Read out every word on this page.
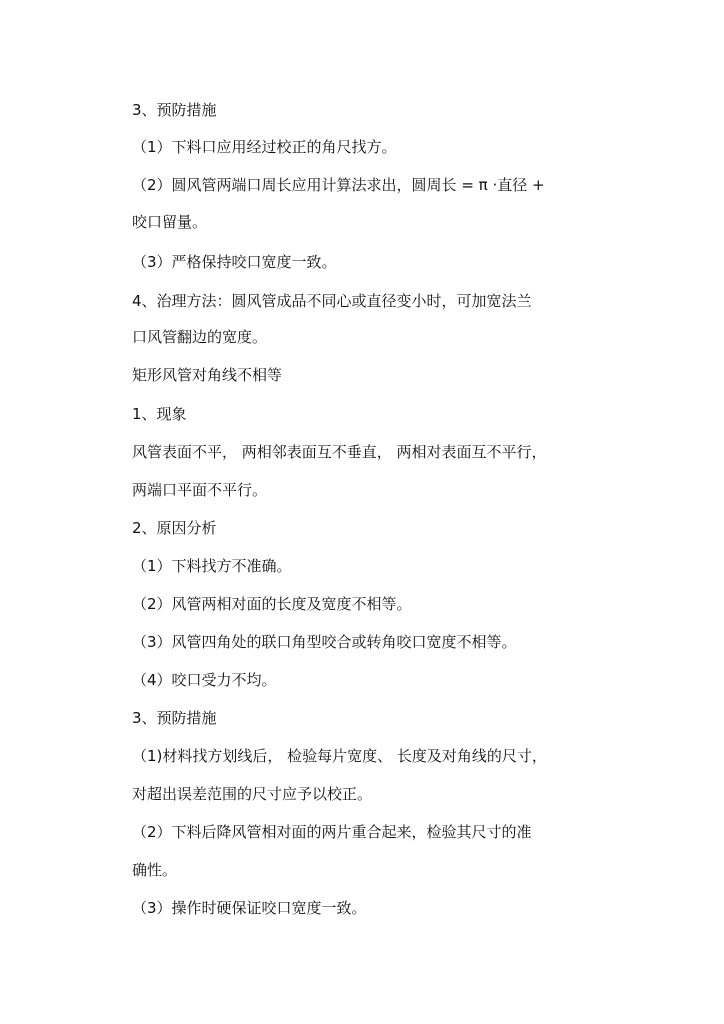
3、预防措施
（1）下料口应用经过校正的角尺找方。
（2）圆风管两端口周长应用计算法求出，圆周长 = π ·直径 +
咬口留量。
（3）严格保持咬口宽度一致。
4、治理方法：圆风管成品不同心或直径变小时，可加宽法兰
口风管翻边的宽度。
矩形风管对角线不相等
1、现象
风管表面不平， 两相邻表面互不垂直， 两相对表面互不平行，
两端口平面不平行。
2、原因分析
（1）下料找方不准确。
（2）风管两相对面的长度及宽度不相等。
（3）风管四角处的联口角型咬合或转角咬口宽度不相等。
（4）咬口受力不均。
3、预防措施
（1)材料找方划线后， 检验每片宽度、 长度及对角线的尺寸，
对超出误差范围的尺寸应予以校正。
（2）下料后降风管相对面的两片重合起来，检验其尺寸的准
确性。
（3）操作时硬保证咬口宽度一致。
